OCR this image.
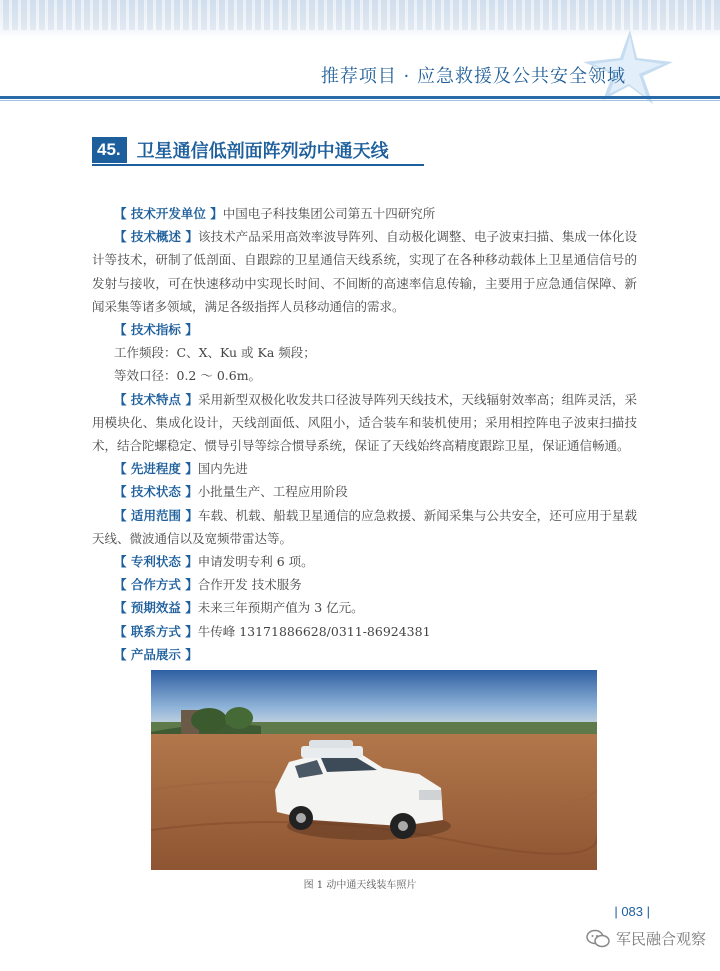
推荐项目 · 应急救援及公共安全领域
45. 卫星通信低剖面阵列动中通天线

【 技术开发单位 】中国电子科技集团公司第五十四研究所

【 技术概述 】该技术产品采用高效率波导阵列、自动极化调整、电子波束扫描、集成一体化设计等技术，研制了低剖面、自跟踪的卫星通信天线系统，实现了在各种移动载体上卫星通信信号的发射与接收，可在快速移动中实现长时间、不间断的高速率信息传输，主要用于应急通信保障、新闻采集等诸多领域，满足各级指挥人员移动通信的需求。

【 技术指标 】

工作频段：C、X、Ku 或 Ka 频段；

等效口径：0.2 ～ 0.6m。

【 技术特点 】采用新型双极化收发共口径波导阵列天线技术，天线辐射效率高；组阵灵活，采用模块化、集成化设计，天线剖面低、风阻小，适合装车和装机使用；采用相控阵电子波束扫描技术，结合陀螺稳定、惯导引导等综合惯导系统，保证了天线始终高精度跟踪卫星，保证通信畅通。

【 先进程度 】国内先进

【 技术状态 】小批量生产、工程应用阶段

【 适用范围 】车载、机载、船载卫星通信的应急救援、新闻采集与公共安全，还可应用于星载天线、微波通信以及宽频带雷达等。

【 专利状态 】申请发明专利 6 项。

【 合作方式 】合作开发 技术服务

【 预期效益 】未来三年预期产值为 3 亿元。

【 联系方式 】牛传峰 13171886628/0311-86924381

【 产品展示 】

图 1 动中通天线装车照片
| 083 |
军民融合观察
